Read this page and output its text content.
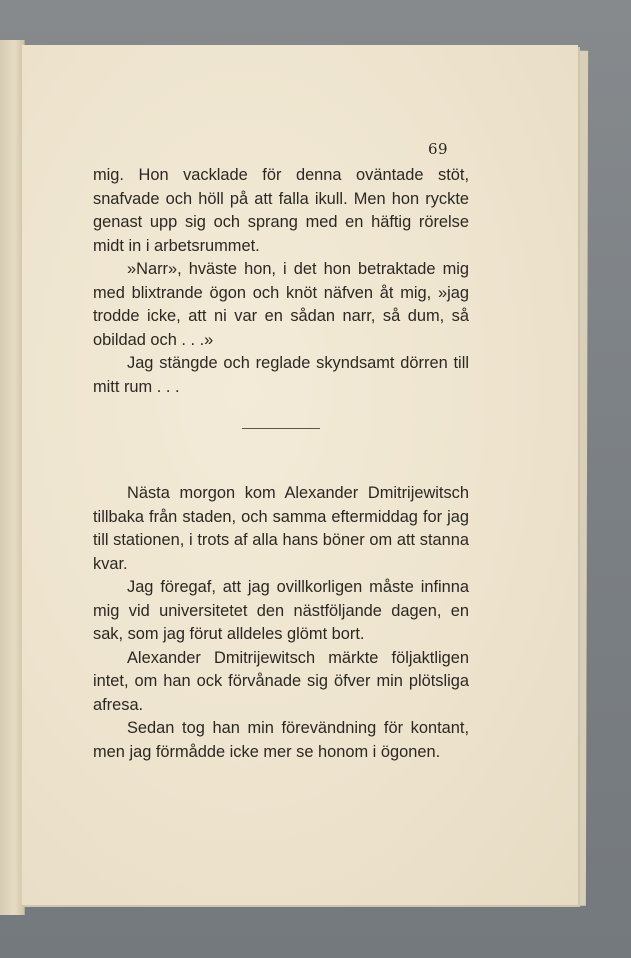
69

mig. Hon vacklade för denna oväntade stöt, snafvade och höll på att falla ikull. Men hon ryckte genast upp sig och sprang med en häftig rörelse midt in i arbetsrummet.

»Narr», hväste hon, i det hon betraktade mig med blixtrande ögon och knöt näfven åt mig, »jag trodde icke, att ni var en sådan narr, så dum, så obildad och . . .»

Jag stängde och reglade skyndsamt dörren till mitt rum . . .

Nästa morgon kom Alexander Dmitrijewitsch tillbaka från staden, och samma eftermiddag for jag till stationen, i trots af alla hans böner om att stanna kvar.

Jag föregaf, att jag ovillkorligen måste infinna mig vid universitetet den nästföljande dagen, en sak, som jag förut alldeles glömt bort.

Alexander Dmitrijewitsch märkte följaktligen intet, om han ock förvånade sig öfver min plötsliga afresa.

Sedan tog han min förevändning för kontant, men jag förmådde icke mer se honom i ögonen.
